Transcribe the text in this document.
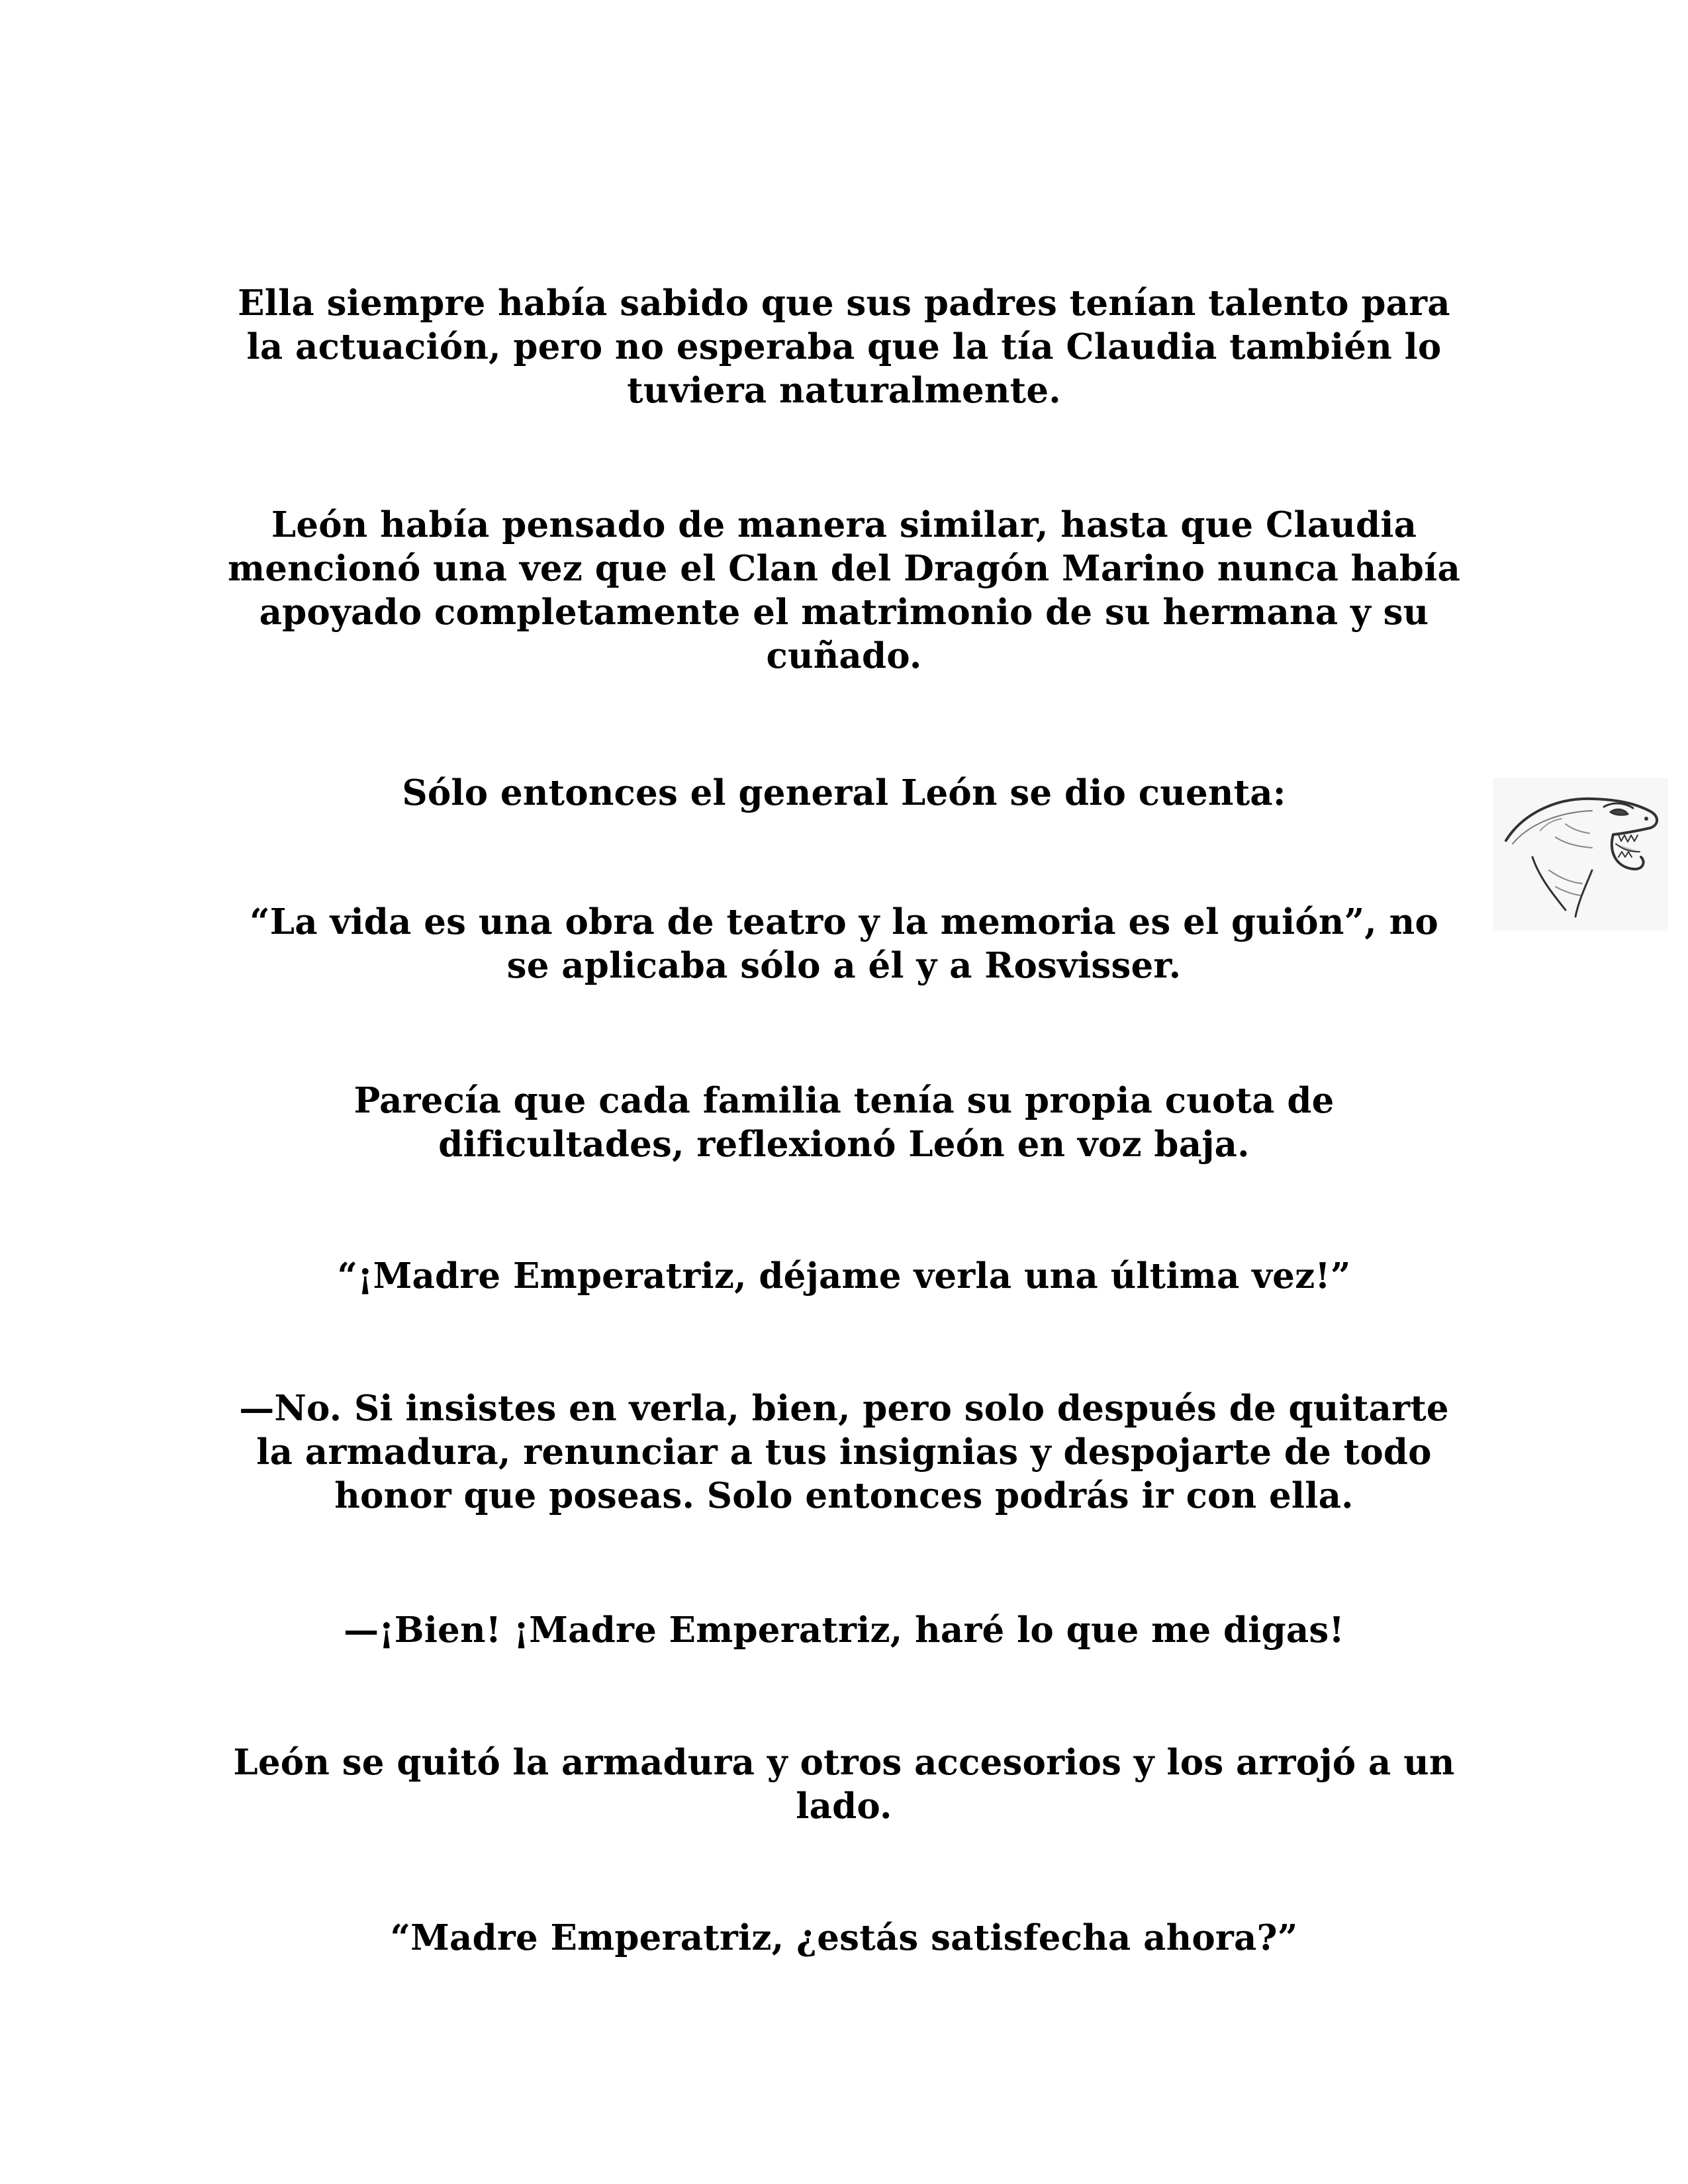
Ella siempre había sabido que sus padres tenían talento para la actuación, pero no esperaba que la tía Claudia también lo tuviera naturalmente.

León había pensado de manera similar, hasta que Claudia mencionó una vez que el Clan del Dragón Marino nunca había apoyado completamente el matrimonio de su hermana y su cuñado.

Sólo entonces el general León se dio cuenta:

“La vida es una obra de teatro y la memoria es el guión”, no se aplicaba sólo a él y a Rosvisser.

Parecía que cada familia tenía su propia cuota de dificultades, reflexionó León en voz baja.

“¡Madre Emperatriz, déjame verla una última vez!”

—No. Si insistes en verla, bien, pero solo después de quitarte la armadura, renunciar a tus insignias y despojarte de todo honor que poseas. Solo entonces podrás ir con ella.

—¡Bien! ¡Madre Emperatriz, haré lo que me digas!

León se quitó la armadura y otros accesorios y los arrojó a un lado.

“Madre Emperatriz, ¿estás satisfecha ahora?”
